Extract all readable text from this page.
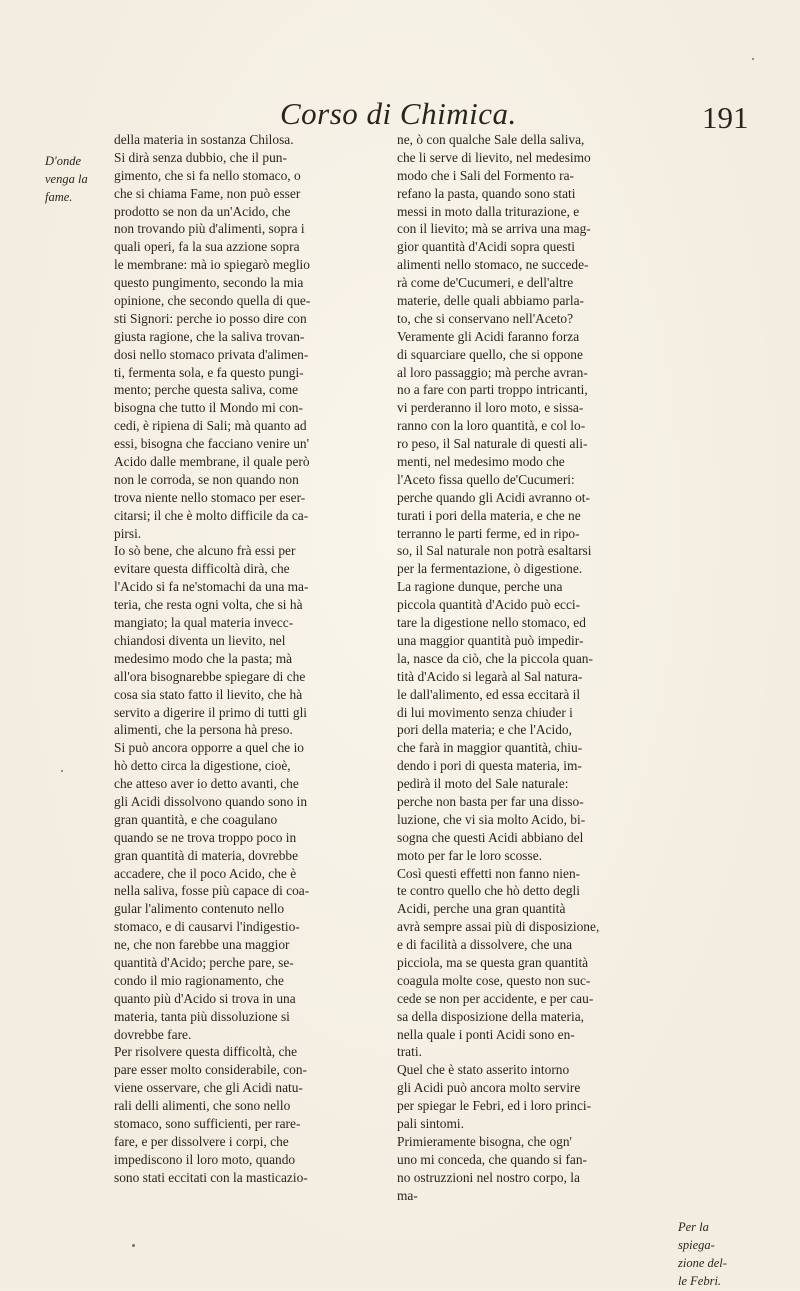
Corso di Chimica.	191
D'onde
venga la
fame.
Per la
spiega-
zione del-
le Febri.
della materia in sostanza Chilosa.
Si dirà senza dubbio, che il pun-
gimento, che si fa nello stomaco, o
che si chiama Fame, non può esser
prodotto se non da un'Acido, che
non trovando più d'alimenti, sopra i
quali operi, fa la sua azzione sopra
le membrane: mà io spiegarò meglio
questo pungimento, secondo la mia
opinione, che secondo quella di que-
sti Signori: perche io posso dire con
giusta ragione, che la saliva trovan-
dosi nello stomaco privata d'alimen-
ti, fermenta sola, e fa questo pungi-
mento; perche questa saliva, come
bisogna che tutto il Mondo mi con-
cedi, è ripiena di Sali; mà quanto ad
essi, bisogna che facciano venire un'
Acido dalle membrane, il quale però
non le corroda, se non quando non
trova niente nello stomaco per eser-
citarsi; il che è molto difficile da ca-
pirsi.
Io sò bene, che alcuno frà essi per
evitare questa difficoltà dirà, che
l'Acido si fa ne'stomachi da una ma-
teria, che resta ogni volta, che si hà
mangiato; la qual materia invecc-
chiandosi diventa un lievito, nel
medesimo modo che la pasta; mà
all'ora bisognarebbe spiegare di che
cosa sia stato fatto il lievito, che hà
servito a digerire il primo di tutti gli
alimenti, che la persona hà preso.
Si può ancora opporre a quel che io
hò detto circa la digestione, cioè,
che atteso aver io detto avanti, che
gli Acidi dissolvono quando sono in
gran quantità, e che coagulano
quando se ne trova troppo poco in
gran quantità di materia, dovrebbe
accadere, che il poco Acido, che è
nella saliva, fosse più capace di coa-
gular l'alimento contenuto nello
stomaco, e di causarvi l'indigestio-
ne, che non farebbe una maggior
quantità d'Acido; perche pare, se-
condo il mio ragionamento, che
quanto più d'Acido si trova in una
materia, tanta più dissoluzione si
dovrebbe fare.
Per risolvere questa difficoltà, che
pare esser molto considerabile, con-
viene osservare, che gli Acidi natu-
rali delli alimenti, che sono nello
stomaco, sono sufficienti, per rare-
fare, e per dissolvere i corpi, che
impediscono il loro moto, quando
sono stati eccitati con la masticazio-
ne, ò con qualche Sale della saliva,
che li serve di lievito, nel medesimo
modo che i Sali del Formento ra-
refano la pasta, quando sono stati
messi in moto dalla triturazione, e
con il lievito; mà se arriva una mag-
gior quantità d'Acidi sopra questi
alimenti nello stomaco, ne succede-
rà come de'Cucumeri, e dell'altre
materie, delle quali abbiamo parla-
to, che si conservano nell'Aceto?
Veramente gli Acidi faranno forza
di squarciare quello, che si oppone
al loro passaggio; mà perche avran-
no a fare con parti troppo intricanti,
vi perderanno il loro moto, e sissa-
ranno con la loro quantità, e col lo-
ro peso, il Sal naturale di questi ali-
menti, nel medesimo modo che
l'Aceto fissa quello de'Cucumeri:
perche quando gli Acidi avranno ot-
turati i pori della materia, e che ne
terranno le parti ferme, ed in ripo-
so, il Sal naturale non potrà esaltarsi
per la fermentazione, ò digestione.
La ragione dunque, perche una
piccola quantità d'Acido può ecci-
tare la digestione nello stomaco, ed
una maggior quantità può impedir-
la, nasce da ciò, che la piccola quan-
tità d'Acido si legarà al Sal natura-
le dall'alimento, ed essa eccitarà il
di lui movimento senza chiuder i
pori della materia; e che l'Acido,
che farà in maggior quantità, chiu-
dendo i pori di questa materia, im-
pedirà il moto del Sale naturale:
perche non basta per far una disso-
luzione, che vi sia molto Acido, bi-
sogna che questi Acidi abbiano del
moto per far le loro scosse.
Così questi effetti non fanno nien-
te contro quello che hò detto degli
Acidi, perche una gran quantità
avrà sempre assai più di disposizione,
e di facilità a dissolvere, che una
picciola, ma se questa gran quantità
coagula molte cose, questo non suc-
cede se non per accidente, e per cau-
sa della disposizione della materia,
nella quale i ponti Acidi sono en-
trati.
Quel che è stato asserito intorno
gli Acidi può ancora molto servire
per spiegar le Febri, ed i loro princi-
pali sintomi.
Primieramente bisogna, che ogn'
uno mi conceda, che quando si fan-
no ostruzzioni nel nostro corpo, la
ma-
